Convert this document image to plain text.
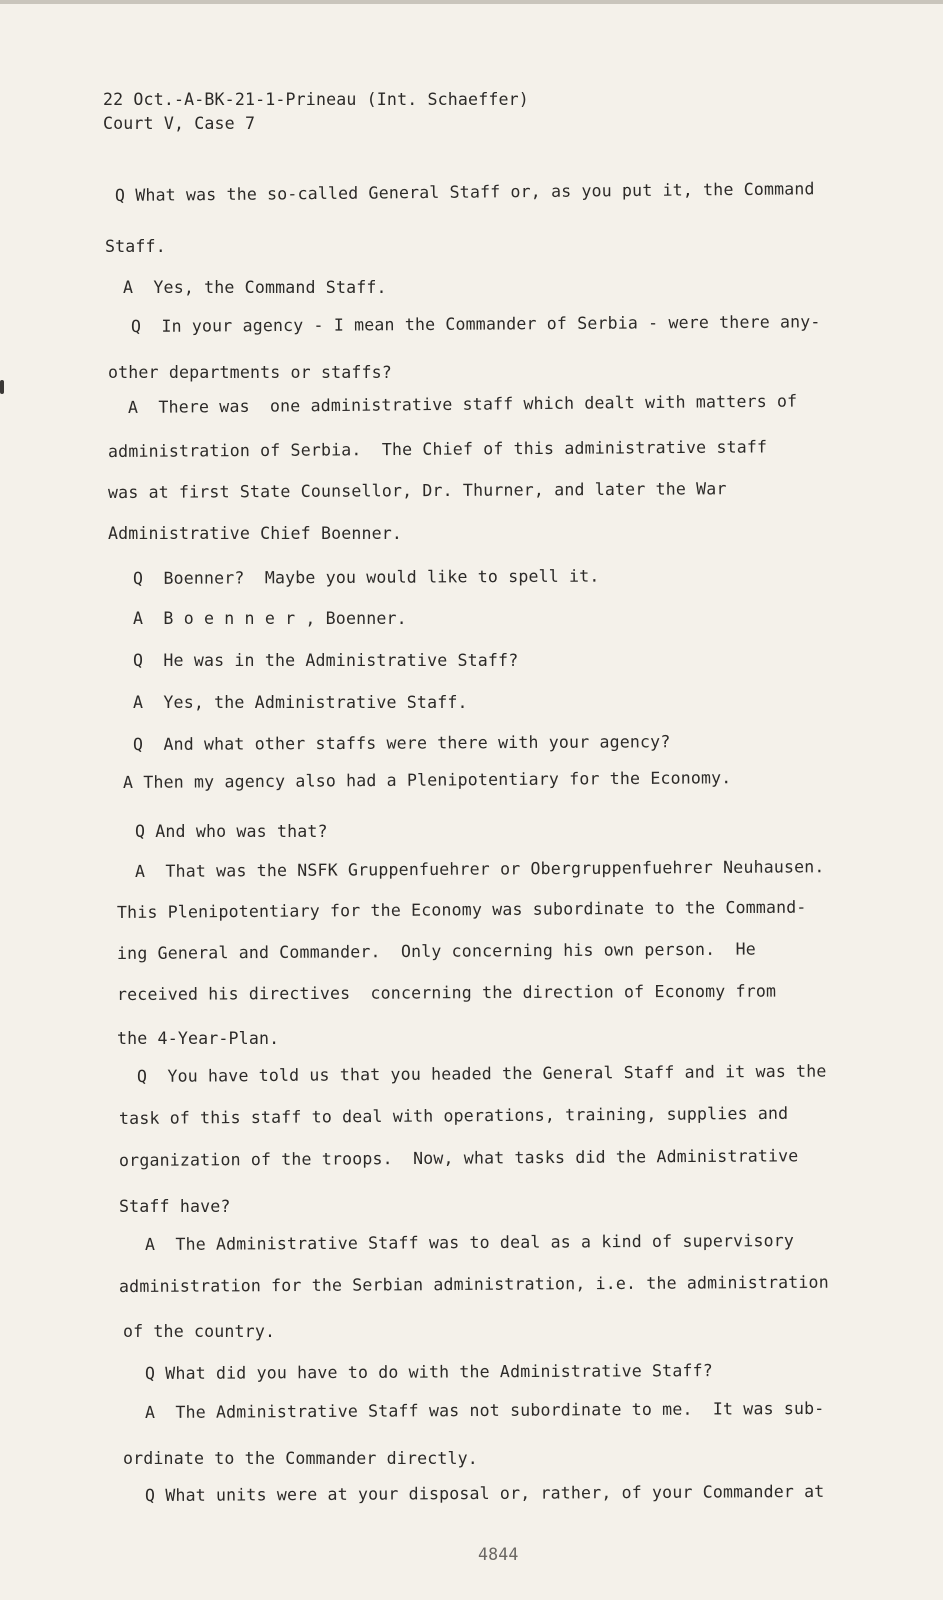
22 Oct.-A-BK-21-1-Prineau (Int. Schaeffer)

Court V, Case 7

Q What was the so-called General Staff or, as you put it, the Command

Staff.

A  Yes, the Command Staff.

Q  In your agency - I mean the Commander of Serbia - were there any-

other departments or staffs?

A  There was  one administrative staff which dealt with matters of

administration of Serbia.  The Chief of this administrative staff

was at first State Counsellor, Dr. Thurner, and later the War

Administrative Chief Boenner.

Q  Boenner?  Maybe you would like to spell it.

A  B o e n n e r , Boenner.

Q  He was in the Administrative Staff?

A  Yes, the Administrative Staff.

Q  And what other staffs were there with your agency?

A Then my agency also had a Plenipotentiary for the Economy.

Q And who was that?

A  That was the NSFK Gruppenfuehrer or Obergruppenfuehrer Neuhausen.

This Plenipotentiary for the Economy was subordinate to the Command-

ing General and Commander.  Only concerning his own person.  He

received his directives  concerning the direction of Economy from

the 4-Year-Plan.

Q  You have told us that you headed the General Staff and it was the

task of this staff to deal with operations, training, supplies and

organization of the troops.  Now, what tasks did the Administrative

Staff have?

A  The Administrative Staff was to deal as a kind of supervisory

administration for the Serbian administration, i.e. the administration

of the country.

Q What did you have to do with the Administrative Staff?

A  The Administrative Staff was not subordinate to me.  It was sub-

ordinate to the Commander directly.

Q What units were at your disposal or, rather, of your Commander at

4844
